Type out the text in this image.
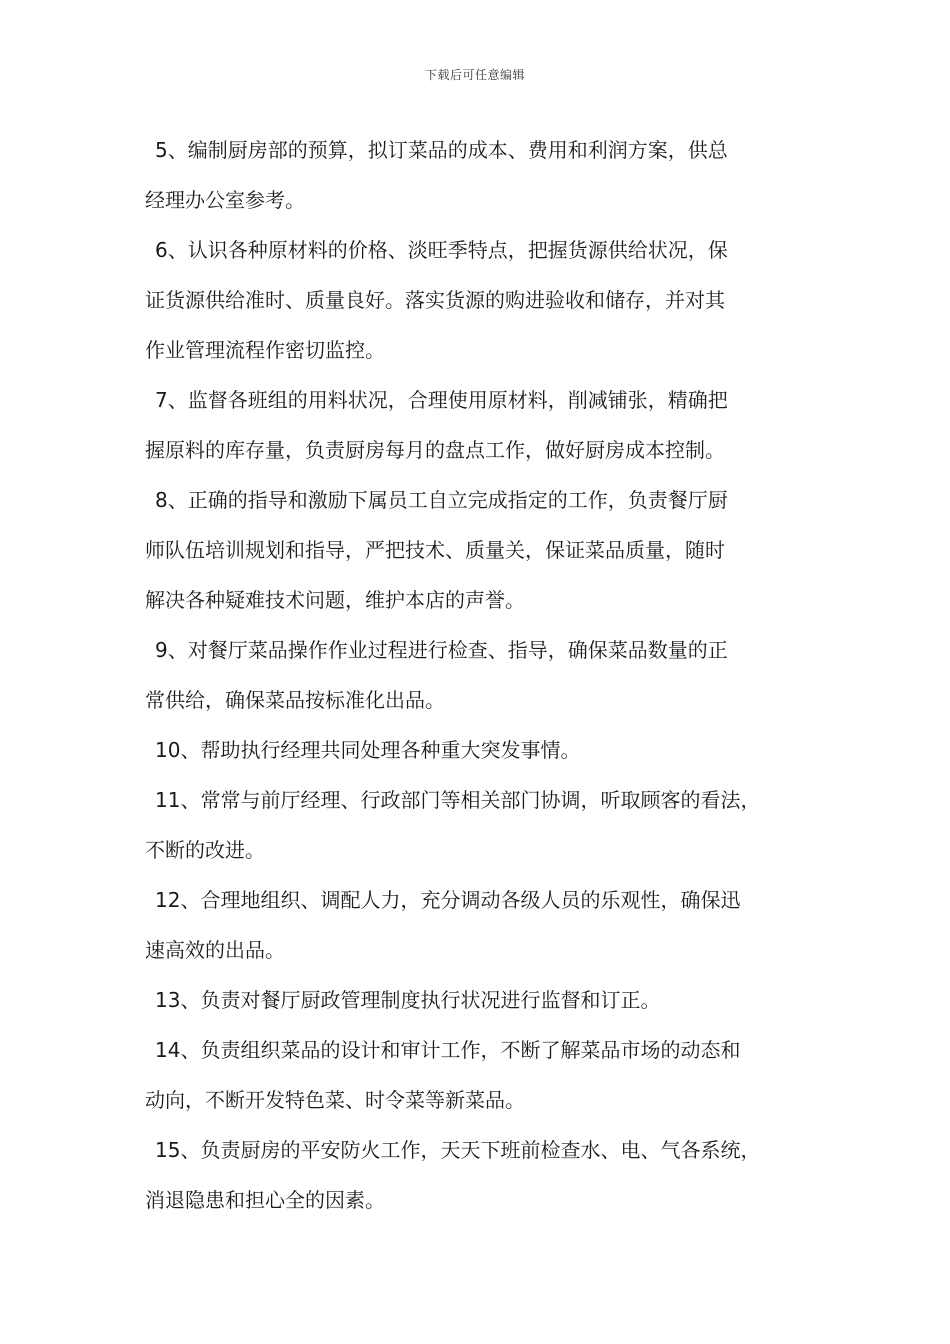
下载后可任意编辑
5、编制厨房部的预算，拟订菜品的成本、费用和利润方案，供总
经理办公室参考。
6、认识各种原材料的价格、淡旺季特点，把握货源供给状况，保
证货源供给准时、质量良好。落实货源的购进验收和储存，并对其
作业管理流程作密切监控。
7、监督各班组的用料状况，合理使用原材料，削减铺张，精确把
握原料的库存量，负责厨房每月的盘点工作，做好厨房成本控制。
8、正确的指导和激励下属员工自立完成指定的工作，负责餐厅厨
师队伍培训规划和指导，严把技术、质量关，保证菜品质量，随时
解决各种疑难技术问题，维护本店的声誉。
9、对餐厅菜品操作作业过程进行检查、指导，确保菜品数量的正
常供给，确保菜品按标准化出品。
10、帮助执行经理共同处理各种重大突发事情。
11、常常与前厅经理、行政部门等相关部门协调，听取顾客的看法，
不断的改进。
12、合理地组织、调配人力，充分调动各级人员的乐观性，确保迅
速高效的出品。
13、负责对餐厅厨政管理制度执行状况进行监督和订正。
14、负责组织菜品的设计和审计工作，不断了解菜品市场的动态和
动向，不断开发特色菜、时令菜等新菜品。
15、负责厨房的平安防火工作，天天下班前检查水、电、气各系统，
消退隐患和担心全的因素。
